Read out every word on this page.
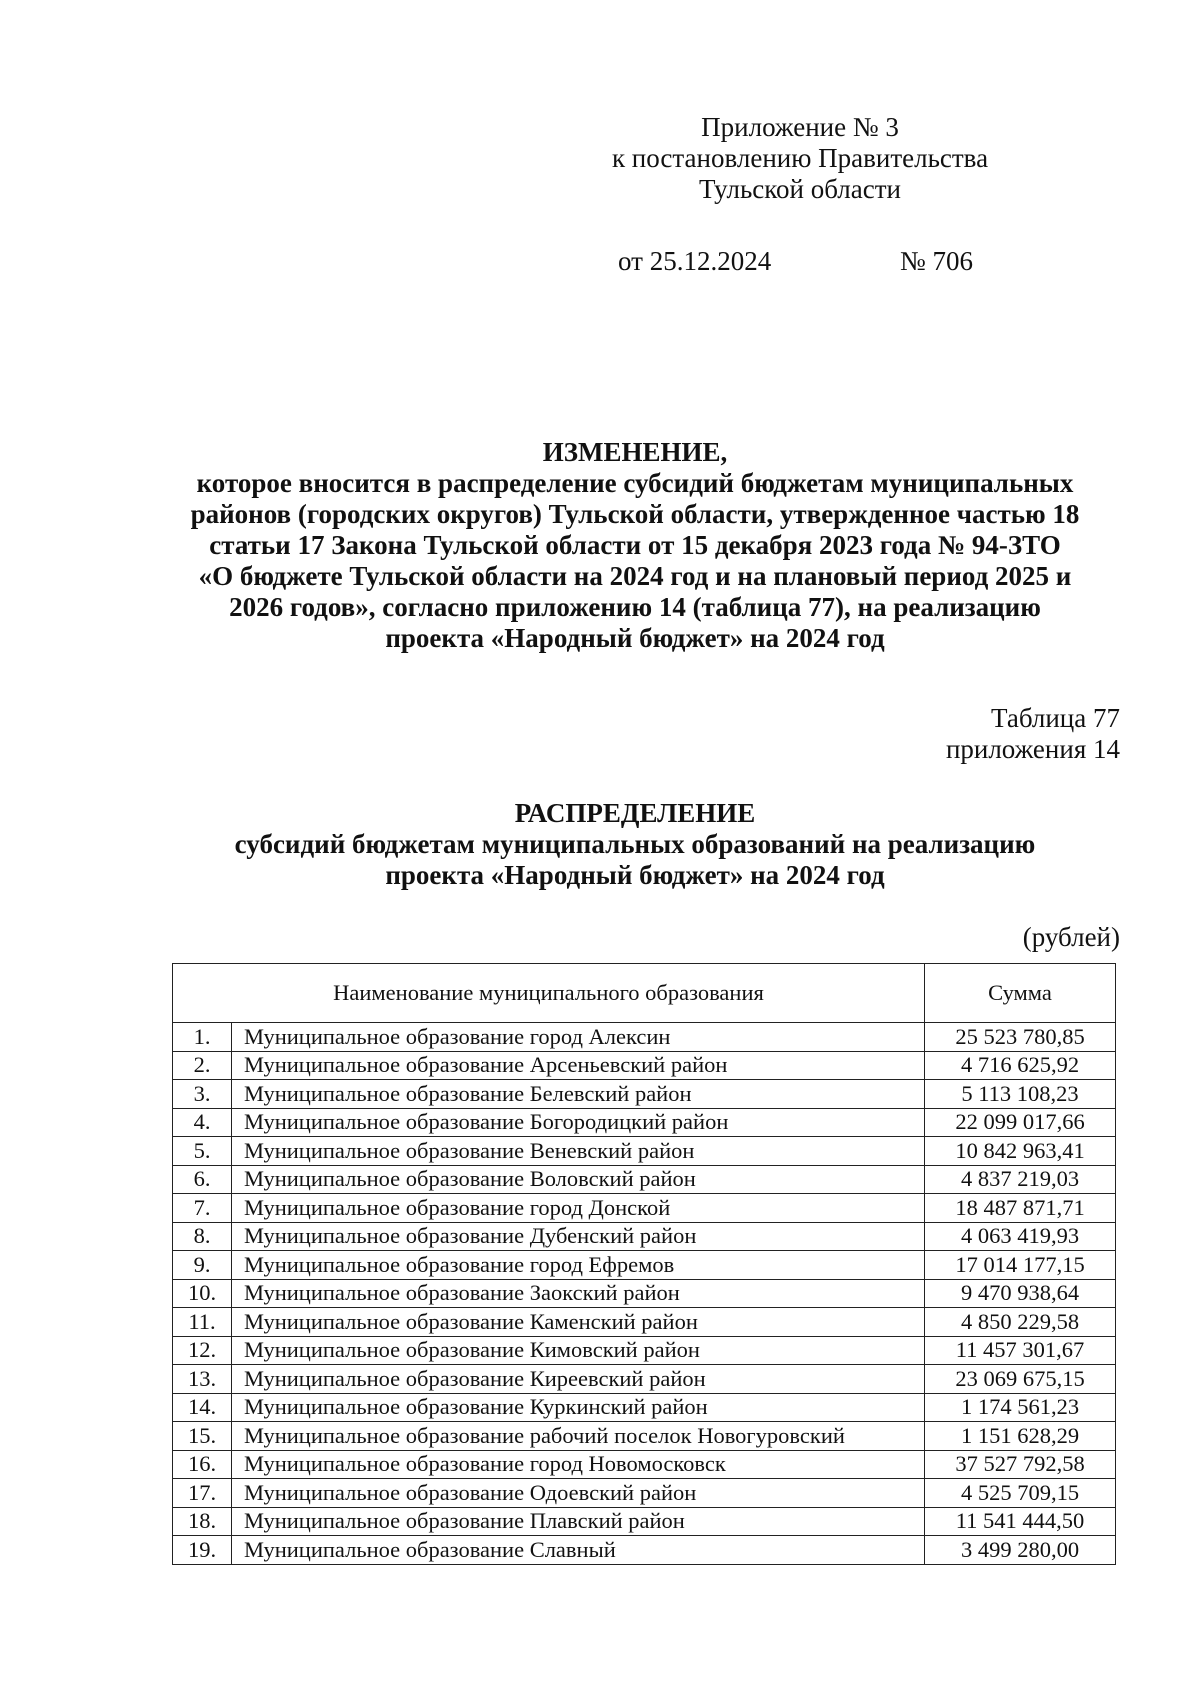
Приложение № 3
к постановлению Правительства
Тульской области
от 25.12.2024	№ 706
ИЗМЕНЕНИЕ,
которое вносится в распределение субсидий бюджетам муниципальных
районов (городских округов) Тульской области, утвержденное частью 18
статьи 17 Закона Тульской области от 15 декабря 2023 года № 94-ЗТО
«О бюджете Тульской области на 2024 год и на плановый период 2025 и
2026 годов», согласно приложению 14 (таблица 77), на реализацию
проекта «Народный бюджет» на 2024 год
Таблица 77
приложения 14
РАСПРЕДЕЛЕНИЕ
субсидий бюджетам муниципальных образований на реализацию
проекта «Народный бюджет» на 2024 год
(рублей)
Наименование муниципального образования		Сумма
1.	Муниципальное образование город Алексин	25 523 780,85
2.	Муниципальное образование Арсеньевский район	4 716 625,92
3.	Муниципальное образование Белевский район	5 113 108,23
4.	Муниципальное образование Богородицкий район	22 099 017,66
5.	Муниципальное образование Веневский район	10 842 963,41
6.	Муниципальное образование Воловский район	4 837 219,03
7.	Муниципальное образование город Донской	18 487 871,71
8.	Муниципальное образование Дубенский район	4 063 419,93
9.	Муниципальное образование город Ефремов	17 014 177,15
10.	Муниципальное образование Заокский район	9 470 938,64
11.	Муниципальное образование Каменский район	4 850 229,58
12.	Муниципальное образование Кимовский район	11 457 301,67
13.	Муниципальное образование Киреевский район	23 069 675,15
14.	Муниципальное образование Куркинский район	1 174 561,23
15.	Муниципальное образование рабочий поселок Новогуровский	1 151 628,29
16.	Муниципальное образование город Новомосковск	37 527 792,58
17.	Муниципальное образование Одоевский район	4 525 709,15
18.	Муниципальное образование Плавский район	11 541 444,50
19.	Муниципальное образование Славный	3 499 280,00
